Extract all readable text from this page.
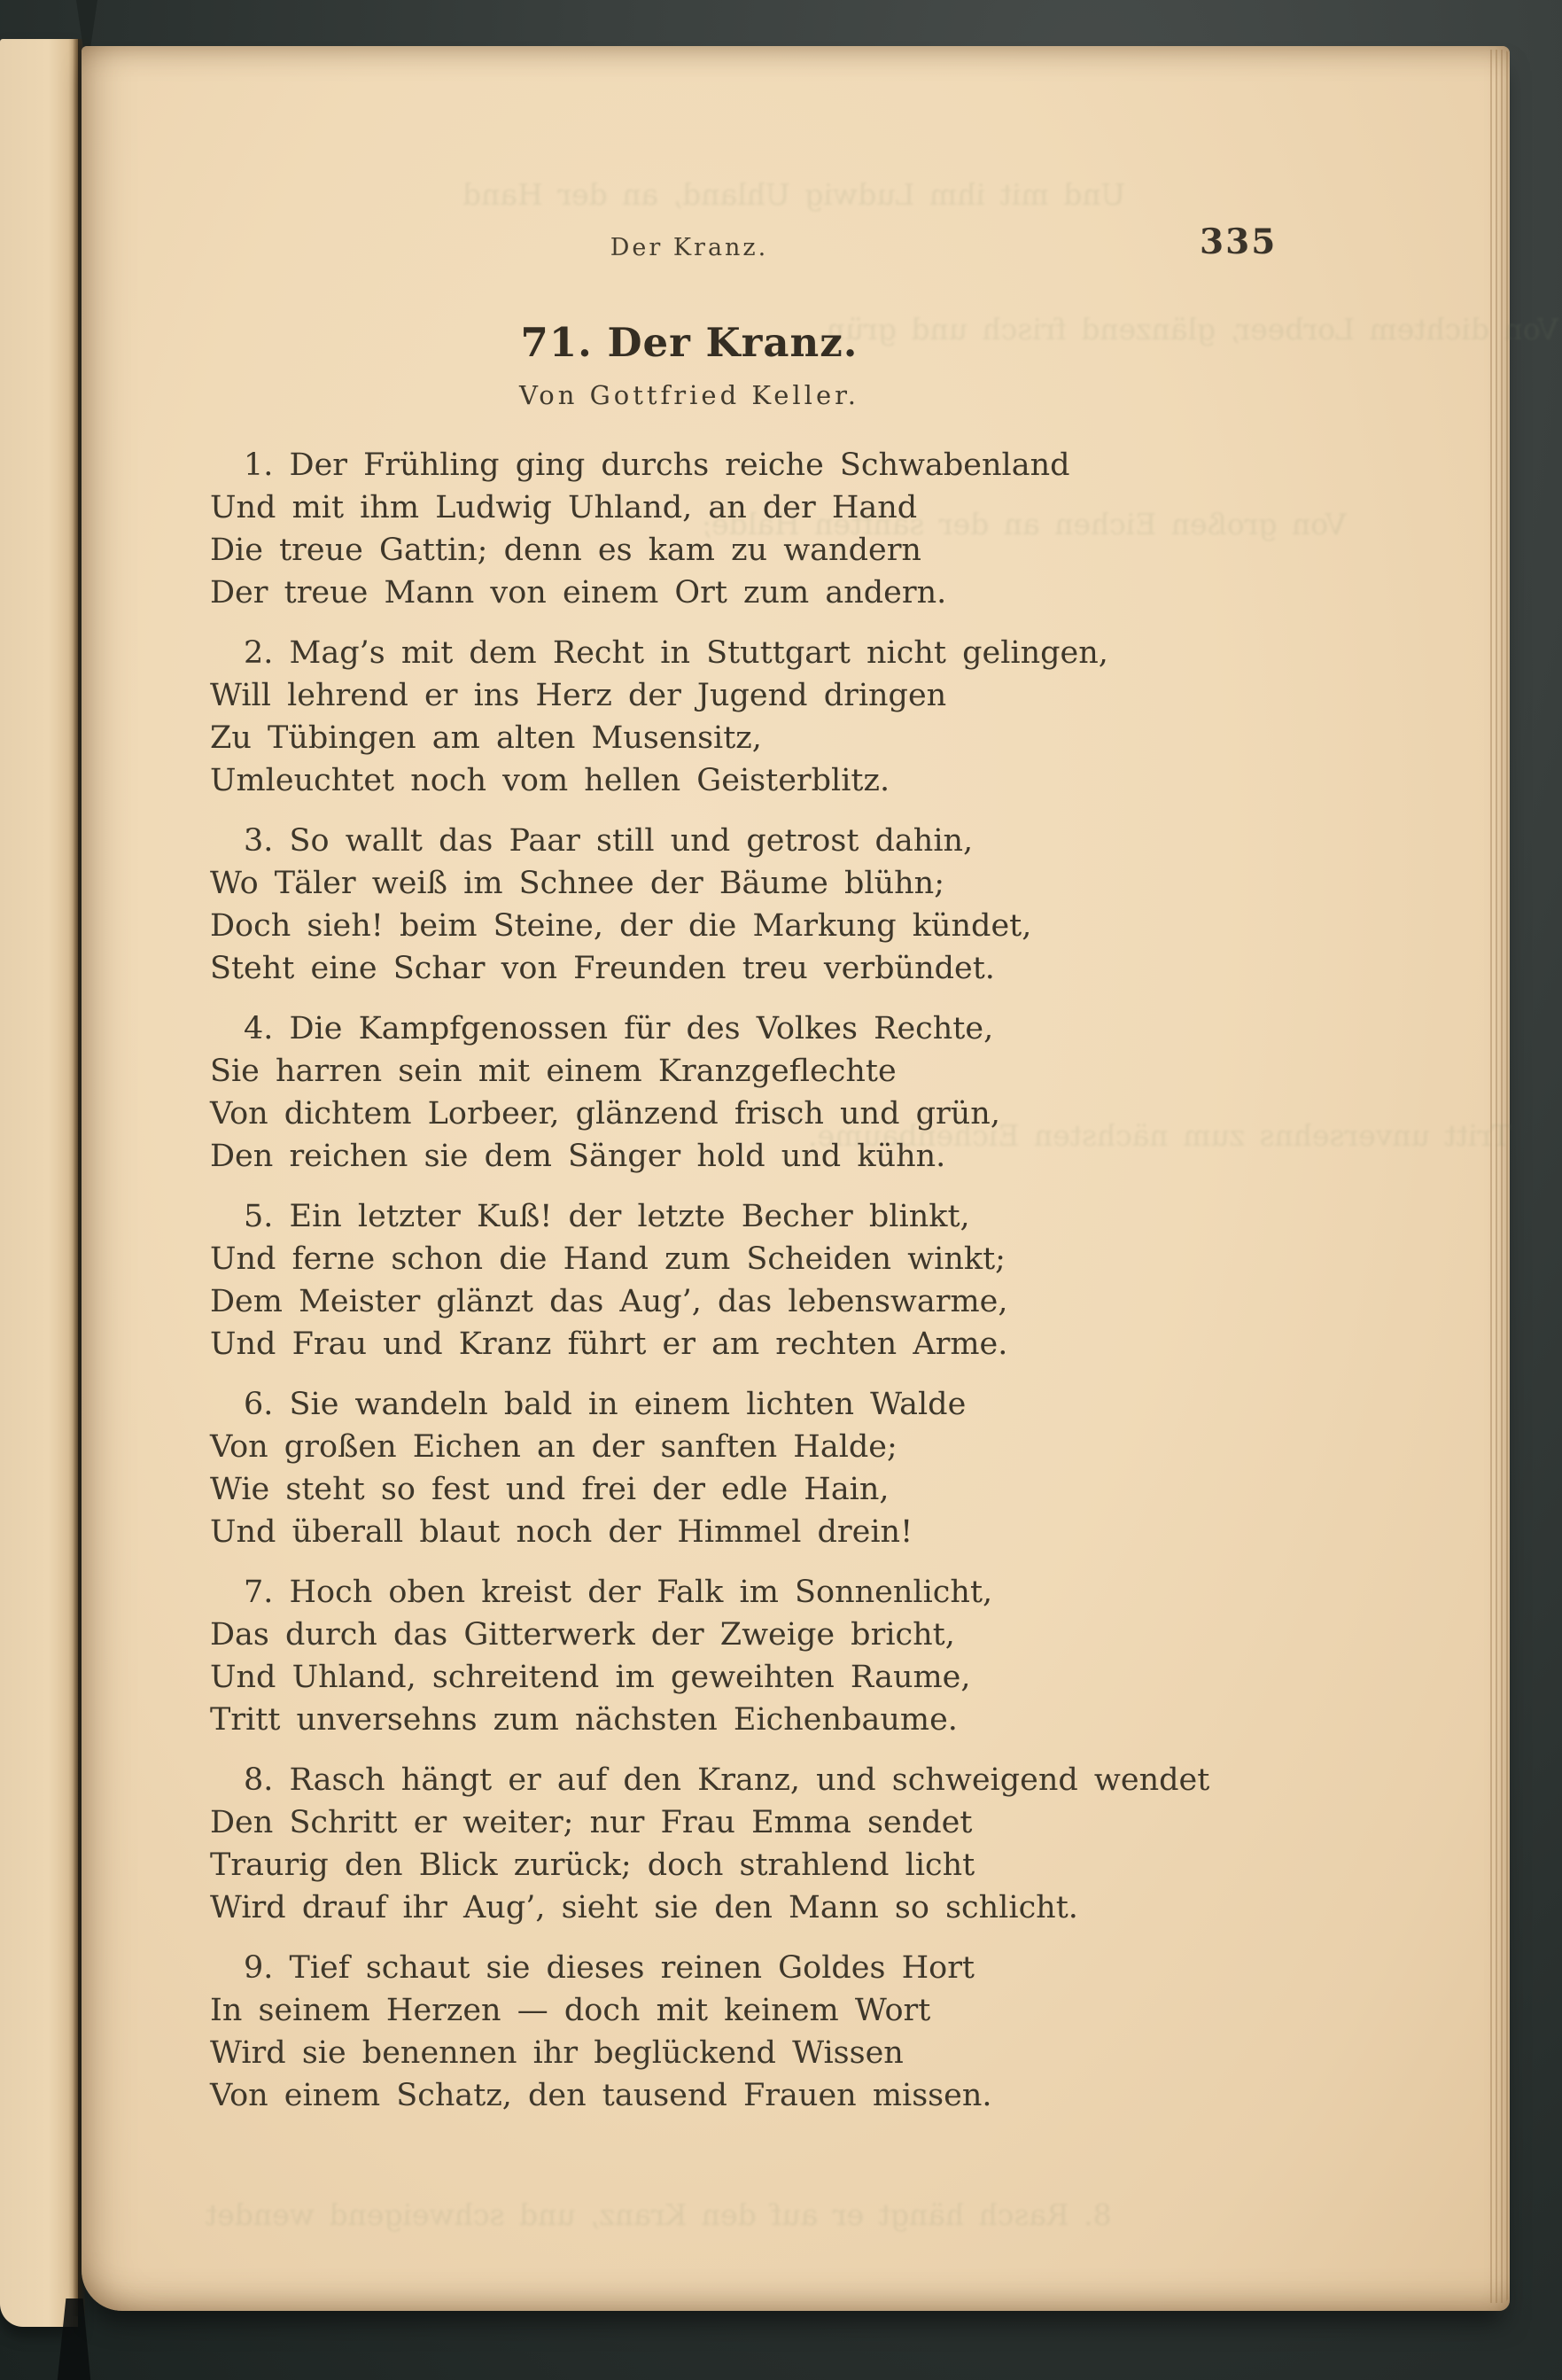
Der Kranz.	335
Und mit ihm Ludwig Uhland, an der Hand
Von dichtem Lorbeer, glänzend frisch und grün,
Von großen Eichen an der sanften Halde;
Tritt unversehns zum nächsten Eichenbaume.
8. Rasch hängt er auf den Kranz, und schweigend wendet
71. Der Kranz.
Von Gottfried Keller.

1. Der Frühling ging durchs reiche Schwabenland

Und mit ihm Ludwig Uhland, an der Hand

Die treue Gattin; denn es kam zu wandern

Der treue Mann von einem Ort zum andern.

2. Mag’s mit dem Recht in Stuttgart nicht gelingen,

Will lehrend er ins Herz der Jugend dringen

Zu Tübingen am alten Musensitz,

Umleuchtet noch vom hellen Geisterblitz.

3. So wallt das Paar still und getrost dahin,

Wo Täler weiß im Schnee der Bäume blühn;

Doch sieh! beim Steine, der die Markung kündet,

Steht eine Schar von Freunden treu verbündet.

4. Die Kampfgenossen für des Volkes Rechte,

Sie harren sein mit einem Kranzgeflechte

Von dichtem Lorbeer, glänzend frisch und grün,

Den reichen sie dem Sänger hold und kühn.

5. Ein letzter Kuß! der letzte Becher blinkt,

Und ferne schon die Hand zum Scheiden winkt;

Dem Meister glänzt das Aug’, das lebenswarme,

Und Frau und Kranz führt er am rechten Arme.

6. Sie wandeln bald in einem lichten Walde

Von großen Eichen an der sanften Halde;

Wie steht so fest und frei der edle Hain,

Und überall blaut noch der Himmel drein!

7. Hoch oben kreist der Falk im Sonnenlicht,

Das durch das Gitterwerk der Zweige bricht,

Und Uhland, schreitend im geweihten Raume,

Tritt unversehns zum nächsten Eichenbaume.

8. Rasch hängt er auf den Kranz, und schweigend wendet

Den Schritt er weiter; nur Frau Emma sendet

Traurig den Blick zurück; doch strahlend licht

Wird drauf ihr Aug’, sieht sie den Mann so schlicht.

9. Tief schaut sie dieses reinen Goldes Hort

In seinem Herzen — doch mit keinem Wort

Wird sie benennen ihr beglückend Wissen

Von einem Schatz, den tausend Frauen missen.
